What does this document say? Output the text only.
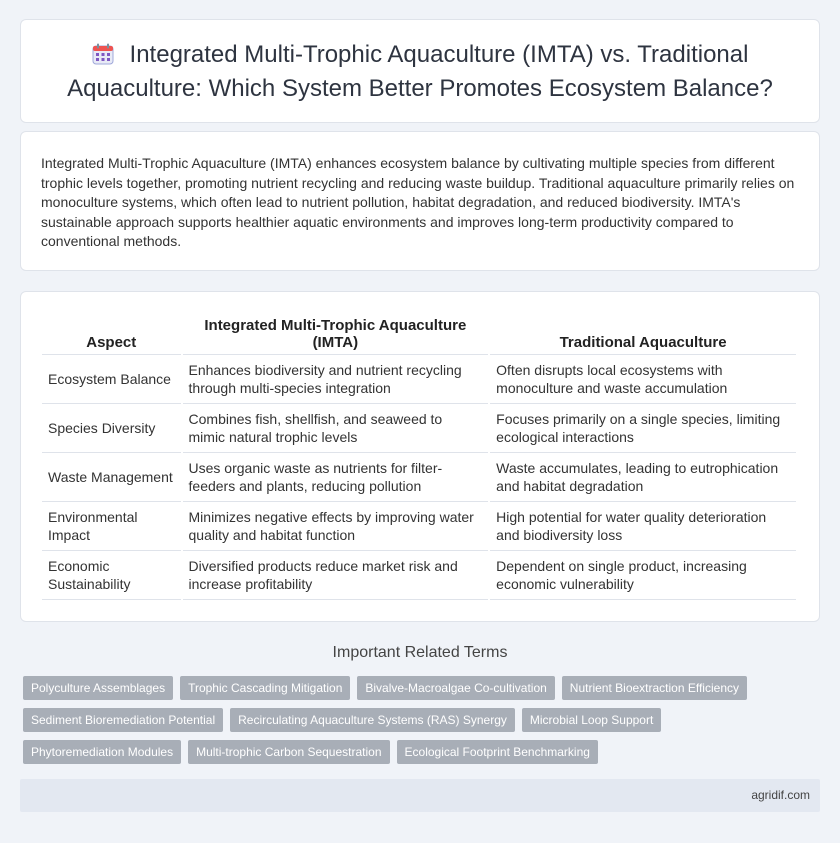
Integrated Multi-Trophic Aquaculture (IMTA) vs. Traditional Aquaculture: Which System Better Promotes Ecosystem Balance?

Integrated Multi-Trophic Aquaculture (IMTA) enhances ecosystem balance by cultivating multiple species from different trophic levels together, promoting nutrient recycling and reducing waste buildup. Traditional aquaculture primarily relies on monoculture systems, which often lead to nutrient pollution, habitat degradation, and reduced biodiversity. IMTA's sustainable approach supports healthier aquatic environments and improves long-term productivity compared to conventional methods.

Aspect	Integrated Multi-Trophic Aquaculture (IMTA)	Traditional Aquaculture
Ecosystem Balance	Enhances biodiversity and nutrient recycling through multi-species integration	Often disrupts local ecosystems with monoculture and waste accumulation
Species Diversity	Combines fish, shellfish, and seaweed to mimic natural trophic levels	Focuses primarily on a single species, limiting ecological interactions
Waste Management	Uses organic waste as nutrients for filter-feeders and plants, reducing pollution	Waste accumulates, leading to eutrophication and habitat degradation
Environmental Impact	Minimizes negative effects by improving water quality and habitat function	High potential for water quality deterioration and biodiversity loss
Economic Sustainability	Diversified products reduce market risk and increase profitability	Dependent on single product, increasing economic vulnerability
Important Related Terms
Polyculture Assemblages	Trophic Cascading Mitigation	Bivalve-Macroalgae Co-cultivation	Nutrient Bioextraction Efficiency
Sediment Bioremediation Potential	Recirculating Aquaculture Systems (RAS) Synergy	Microbial Loop Support
Phytoremediation Modules	Multi-trophic Carbon Sequestration	Ecological Footprint Benchmarking
agridif.com
